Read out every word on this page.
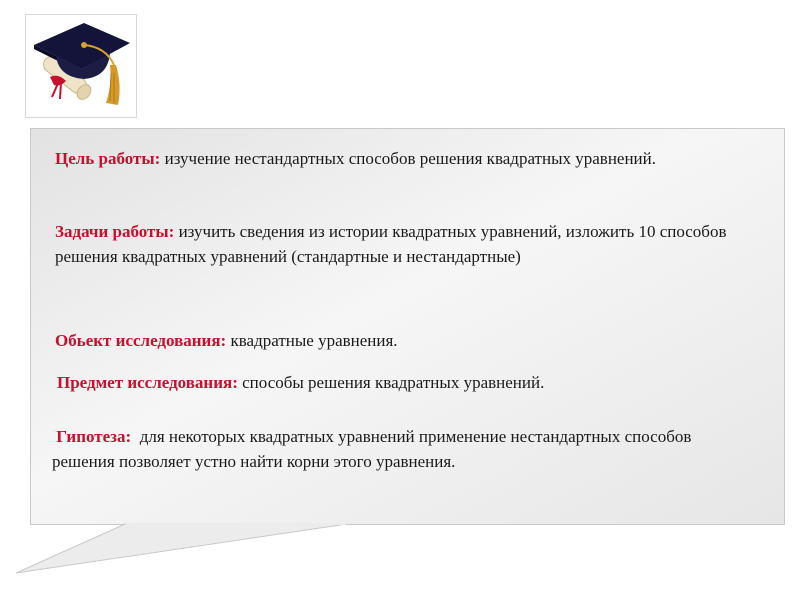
Цель работы: изучение нестандартных способов решения квадратных уравнений.

Задачи работы: изучить сведения из истории квадратных уравнений, изложить 10 способов решения квадратных уравнений (стандартные и нестандартные)

Обьект исследования: квадратные уравнения.

Предмет исследования: способы решения квадратных уравнений.

Гипотеза:  для некоторых квадратных уравнений применение нестандартных способов решения позволяет устно найти корни этого уравнения.
